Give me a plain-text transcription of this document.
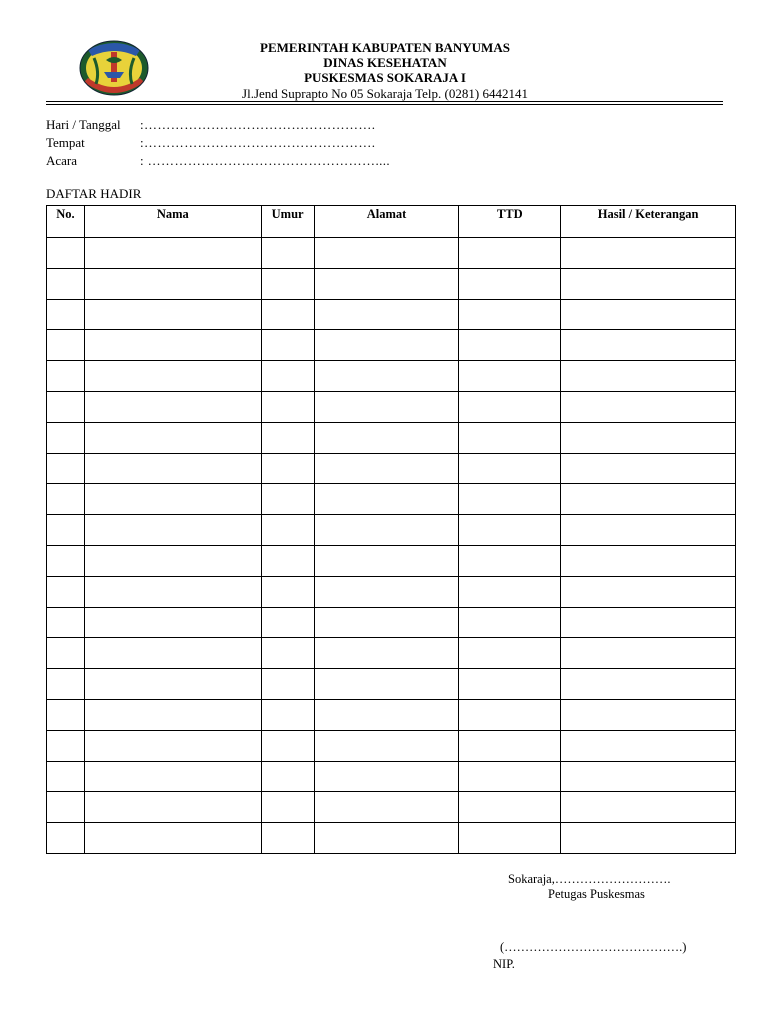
PEMERINTAH KABUPATEN BANYUMAS
DINAS KESEHATAN
PUSKESMAS SOKARAJA I
Jl.Jend Suprapto No 05 Sokaraja Telp. (0281) 6442141
Hari / Tanggal :…………………………………………….
Tempat	:…………………………………………….
Acara	: ……………………………………………....
DAFTAR HADIR
No.	Nama	Umur	Alamat	TTD	Hasil / Keterangan

Sokaraja,……………………….
Petugas Puskesmas
(…………………………………….)
NIP.
